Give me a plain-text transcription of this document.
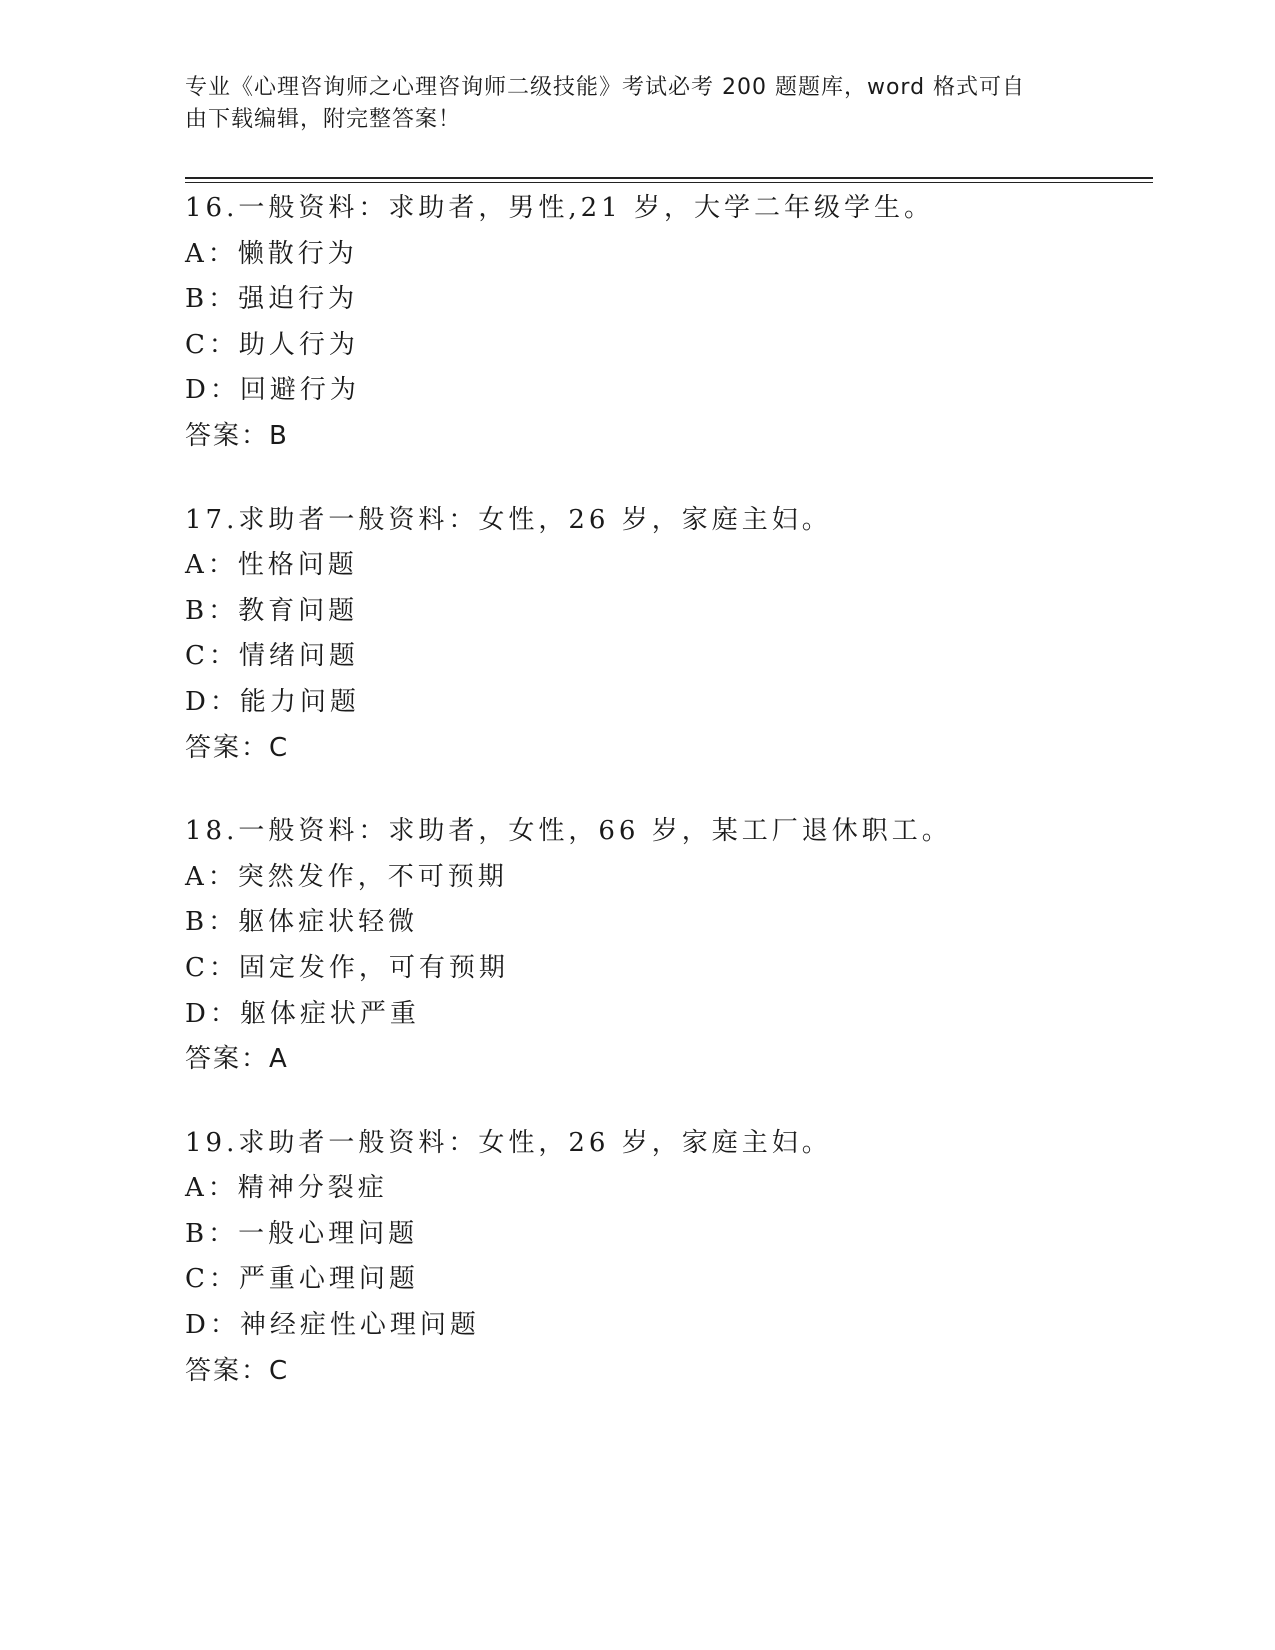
专业《心理咨询师之心理咨询师二级技能》考试必考 200 题题库，word 格式可自
由下载编辑，附完整答案！
16.一般资料：求助者，男性,21 岁，大学二年级学生。
A：懒散行为
B：强迫行为
C：助人行为
D：回避行为
答案：B
17.求助者一般资料：女性，26 岁，家庭主妇。
A：性格问题
B：教育问题
C：情绪问题
D：能力问题
答案：C
18.一般资料：求助者，女性，66 岁，某工厂退休职工。
A：突然发作，不可预期
B：躯体症状轻微
C：固定发作，可有预期
D：躯体症状严重
答案：A
19.求助者一般资料：女性，26 岁，家庭主妇。
A：精神分裂症
B：一般心理问题
C：严重心理问题
D：神经症性心理问题
答案：C
